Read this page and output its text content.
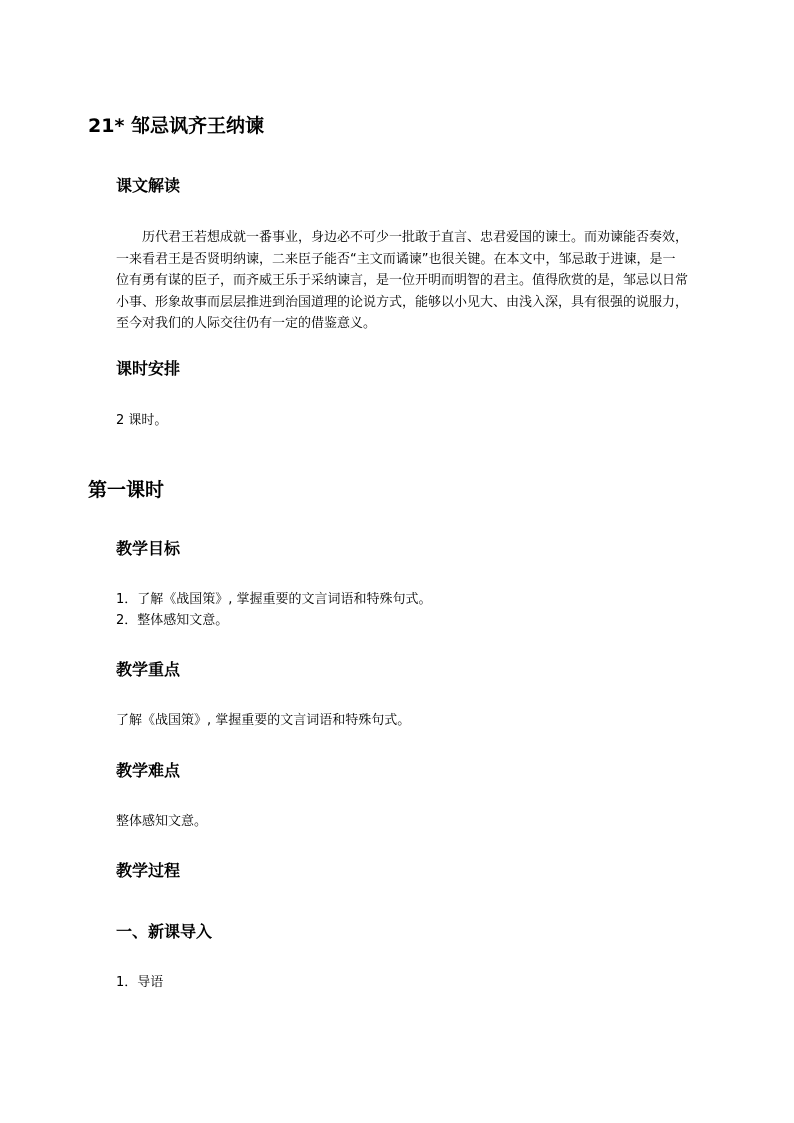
21* 邹忌讽齐王纳谏
课文解读
历代君王若想成就一番事业，身边必不可少一批敢于直言、忠君爱国的谏士。而劝谏能否奏效，
一来看君王是否贤明纳谏，二来臣子能否“主文而谲谏”也很关键。在本文中，邹忌敢于进谏，是一
位有勇有谋的臣子，而齐威王乐于采纳谏言，是一位开明而明智的君主。值得欣赏的是，邹忌以日常
小事、形象故事而层层推进到治国道理的论说方式，能够以小见大、由浅入深，具有很强的说服力，
至今对我们的人际交往仍有一定的借鉴意义。
课时安排
2 课时。
第一课时
教学目标
1．了解《战国策》, 掌握重要的文言词语和特殊句式。
2．整体感知文意。
教学重点
了解《战国策》, 掌握重要的文言词语和特殊句式。
教学难点
整体感知文意。
教学过程
一、新课导入
1．导语
